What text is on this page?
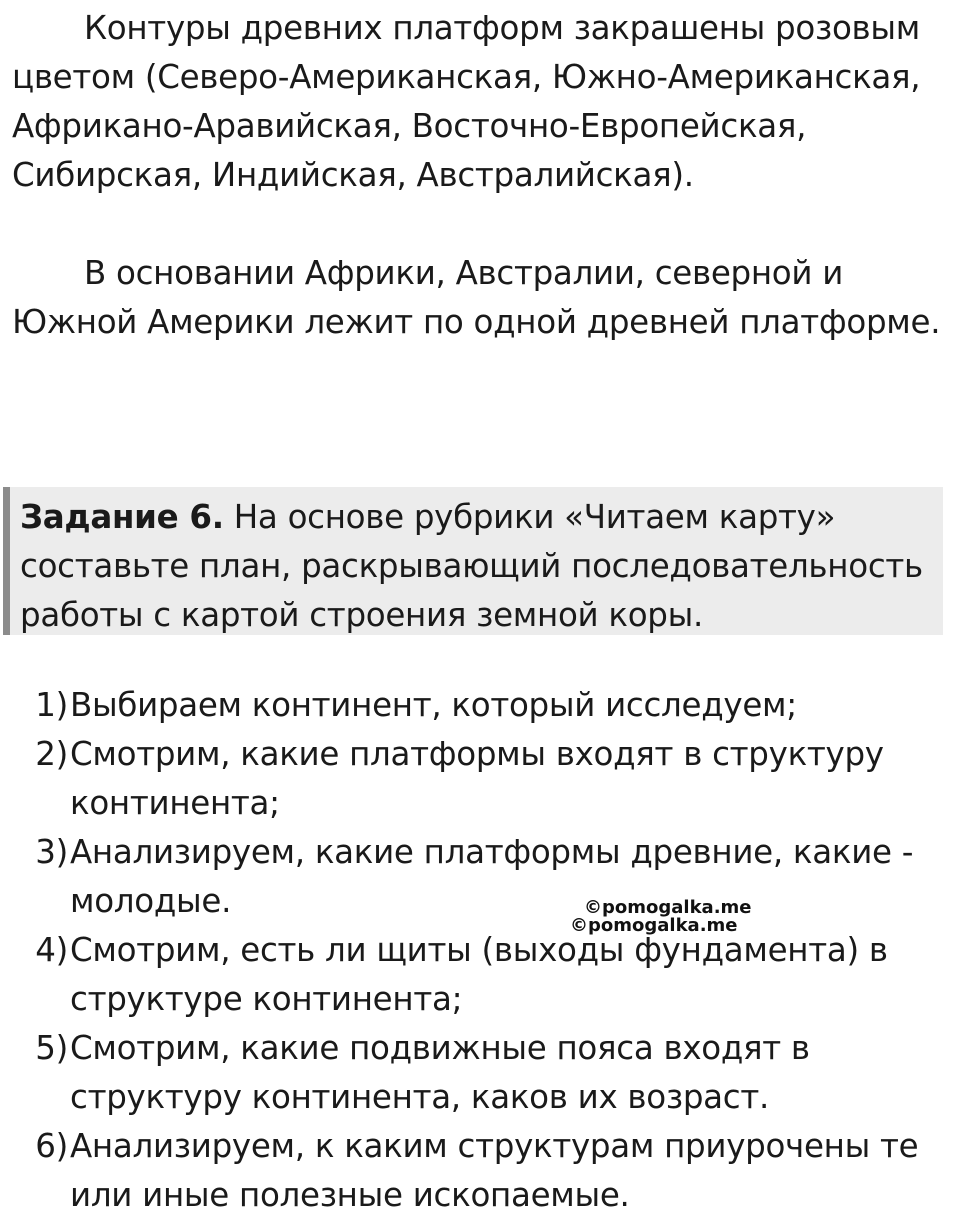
Контуры древних платформ закрашены розовым цветом (Северо-Американская, Южно-Американская, Африкано-Аравийская, Восточно-Европейская, Сибирская, Индийская, Австралийская).

В основании Африки, Австралии, северной и Южной Америки лежит по одной древней платформе.

Задание 6. На основе рубрики «Читаем карту» составьте план, раскрывающий последовательность работы с картой строения земной коры.
1) Выбираем континент, который исследуем;
2) Смотрим, какие платформы входят в структуру континента;
3) Анализируем, какие платформы древние, какие - молодые.
4) Смотрим, есть ли щиты (выходы фундамента) в структуре континента;
5) Смотрим, какие подвижные пояса входят в структуру континента, каков их возраст.
6) Анализируем, к каким структурам приурочены те или иные полезные ископаемые.
©pomogalka.me
©pomogalka.me
